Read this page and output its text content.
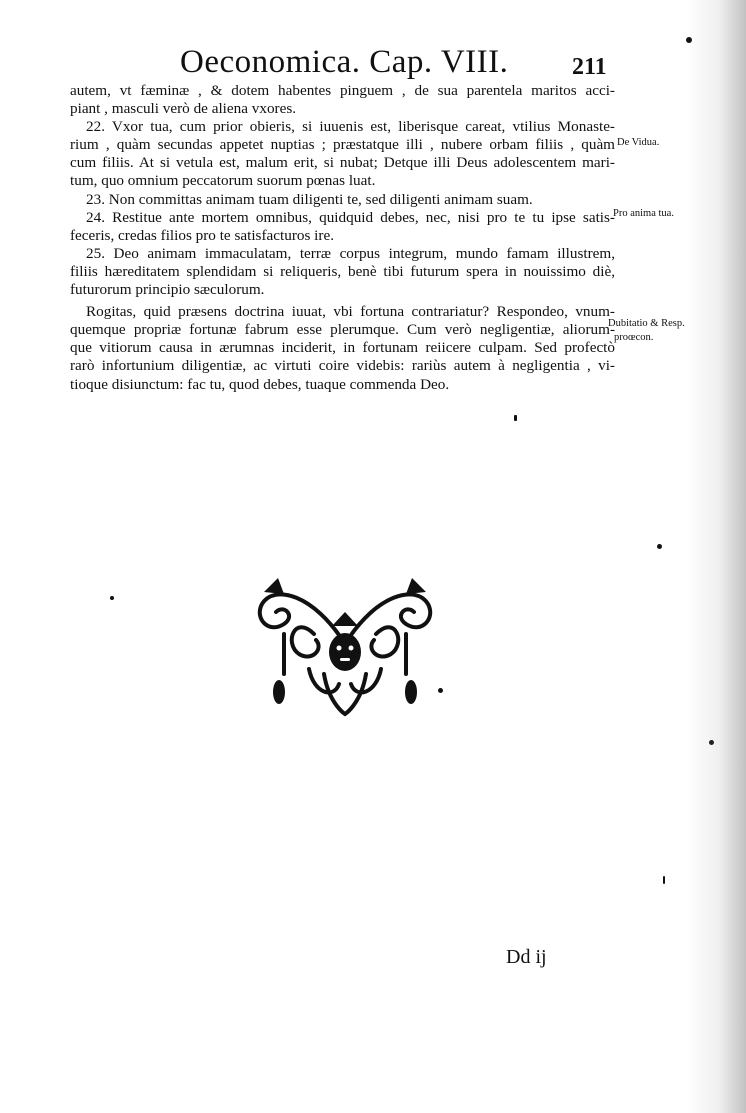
Oeconomica. Cap. VIII.	211
autem, vt fæminæ , & dotem habentes pinguem , de sua parentela maritos acci-
piant , masculi verò de aliena vxores.
22. Vxor tua, cum prior obieris, si iuuenis est, liberisque careat, vtilius Monaste-
rium , quàm secundas appetet nuptias ; præstatque illi , nubere orbam filiis , quàm
cum filiis. At si vetula est, malum erit, si nubat; Detque illi Deus adolescentem mari-
tum, quo omnium peccatorum suorum pœnas luat.
23. Non committas animam tuam diligenti te, sed diligenti animam suam.
24. Restitue ante mortem omnibus, quidquid debes, nec, nisi pro te tu ipse satis-
feceris, credas filios pro te satisfacturos ire.
25. Deo animam immaculatam, terræ corpus integrum, mundo famam illustrem,
filiis hæreditatem splendidam si reliqueris, benè tibi futurum spera in nouissimo diè,
futurorum principio sæculorum.
Rogitas, quid præsens doctrina iuuat, vbi fortuna contrariatur? Respondeo, vnum-
quemque propriæ fortunæ fabrum esse plerumque. Cum verò negligentiæ, aliorum-
que vitiorum causa in ærumnas inciderit, in fortunam reiicere culpam. Sed profectò
rarò infortunium diligentiæ, ac virtuti coire videbis: rariùs autem à negligentia , vi-
tioque disiunctum: fac tu, quod debes, tuaque commenda Deo.
De Vidua.
Pro anima tua.
Dubitatio & Resp.
proœcon.
Dd ij
